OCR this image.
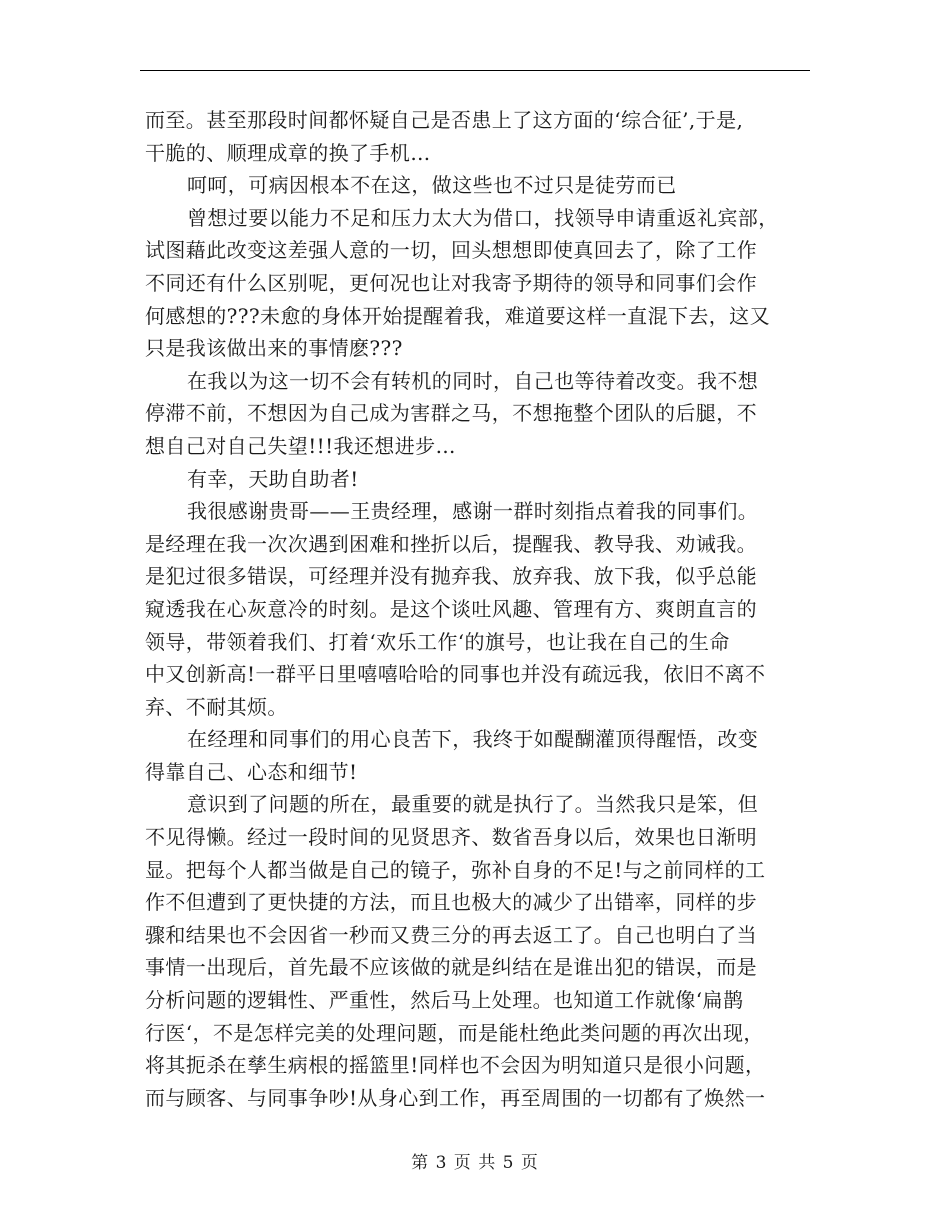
而至。甚至那段时间都怀疑自己是否患上了这方面的‘综合征’,于是,
干脆的、顺理成章的换了手机…
呵呵，可病因根本不在这，做这些也不过只是徒劳而已
曾想过要以能力不足和压力太大为借口，找领导申请重返礼宾部，
试图藉此改变这差强人意的一切，回头想想即使真回去了，除了工作
不同还有什么区别呢，更何况也让对我寄予期待的领导和同事们会作
何感想的???未愈的身体开始提醒着我，难道要这样一直混下去，这又
只是我该做出来的事情麽???
在我以为这一切不会有转机的同时，自己也等待着改变。我不想
停滞不前，不想因为自己成为害群之马，不想拖整个团队的后腿，不
想自己对自己失望!!!我还想进步…
有幸，天助自助者!
我很感谢贵哥——王贵经理，感谢一群时刻指点着我的同事们。
是经理在我一次次遇到困难和挫折以后，提醒我、教导我、劝诫我。
是犯过很多错误，可经理并没有抛弃我、放弃我、放下我，似乎总能
窥透我在心灰意冷的时刻。是这个谈吐风趣、管理有方、爽朗直言的
领导，带领着我们、打着‘欢乐工作‘的旗号，也让我在自己的生命
中又创新高!一群平日里嘻嘻哈哈的同事也并没有疏远我，依旧不离不
弃、不耐其烦。
在经理和同事们的用心良苦下，我终于如醍醐灌顶得醒悟，改变
得靠自己、心态和细节!
意识到了问题的所在，最重要的就是执行了。当然我只是笨，但
不见得懒。经过一段时间的见贤思齐、数省吾身以后，效果也日渐明
显。把每个人都当做是自己的镜子，弥补自身的不足!与之前同样的工
作不但遭到了更快捷的方法，而且也极大的减少了出错率，同样的步
骤和结果也不会因省一秒而又费三分的再去返工了。自己也明白了当
事情一出现后，首先最不应该做的就是纠结在是谁出犯的错误，而是
分析问题的逻辑性、严重性，然后马上处理。也知道工作就像‘扁鹊
行医‘，不是怎样完美的处理问题，而是能杜绝此类问题的再次出现，
将其扼杀在孳生病根的摇篮里!同样也不会因为明知道只是很小问题，
而与顾客、与同事争吵!从身心到工作，再至周围的一切都有了焕然一
第 3 页 共 5 页
